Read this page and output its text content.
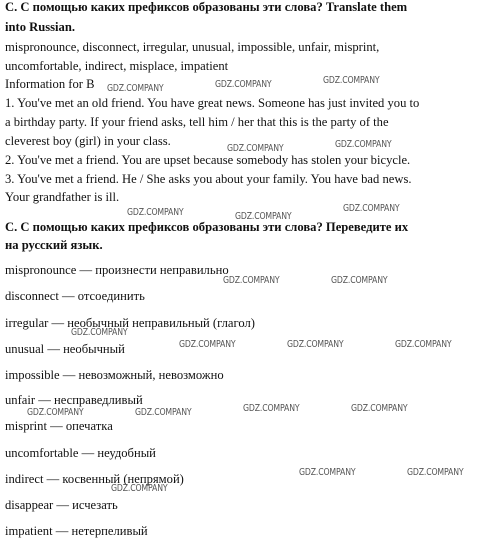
С. С помощью каких префиксов образованы эти слова? Translate them

into Russian.

mispronounce, disconnect, irregular, unusual, impossible, unfair, misprint,

uncomfortable, indirect, misplace, impatient

Information for B

1. You've met an old friend. You have great news. Someone has just invited you to

a birthday party. If your friend asks, tell him / her that this is the party of the

cleverest boy (girl) in your class.

2. You've met a friend. You are upset because somebody has stolen your bicycle.

3. You've met a friend. He / She asks you about your family. You have bad news.

Your grandfather is ill.

С. С помощью каких префиксов образованы эти слова? Переведите их

на русский язык.

mispronounce — произнести неправильно

disconnect — отсоединить

irregular — необычный неправильный (глагол)

unusual — необычный

impossible — невозможный, невозможно

unfair — несправедливый

misprint — опечатка

uncomfortable — неудобный

indirect — косвенный (непрямой)

disappear — исчезать

impatient — нетерпеливый

GDZ.COMPANY	GDZ.COMPANY	GDZ.COMPANY
GDZ.COMPANY	GDZ.COMPANY
GDZ.COMPANY	GDZ.COMPANY
GDZ.COMPANY
GDZ.COMPANY	GDZ.COMPANY
GDZ.COMPANY
GDZ.COMPANY	GDZ.COMPANY	GDZ.COMPANY
GDZ.COMPANY	GDZ.COMPANY	GDZ.COMPANY	GDZ.COMPANY
GDZ.COMPANY	GDZ.COMPANY
GDZ.COMPANY
